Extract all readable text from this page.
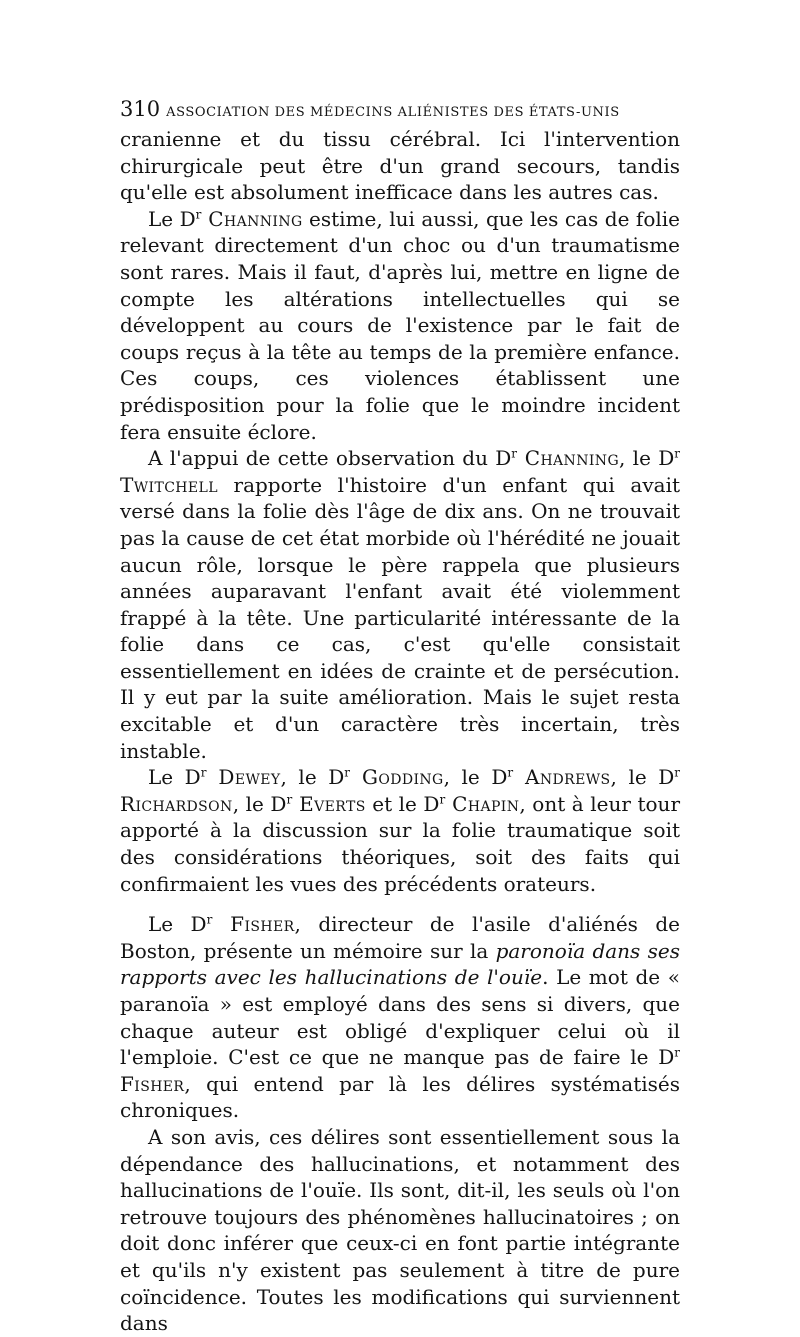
310 ASSOCIATION DES MÉDECINS ALIÉNISTES DES ÉTATS-UNIS

cranienne et du tissu cérébral. Ici l'intervention chirurgicale peut être d'un grand secours, tandis qu'elle est absolument inefficace dans les autres cas.

Le $D^r$ Channing estime, lui aussi, que les cas de folie relevant directement d'un choc ou d'un traumatisme sont rares. Mais il faut, d'après lui, mettre en ligne de compte les altérations intellectuelles qui se développent au cours de l'existence par le fait de coups reçus à la tête au temps de la première enfance. Ces coups, ces violences établissent une prédisposition pour la folie que le moindre incident fera ensuite éclore.

A l'appui de cette observation du $D^r$ Channing, le $D^r$ Twitchell rapporte l'histoire d'un enfant qui avait versé dans la folie dès l'âge de dix ans. On ne trouvait pas la cause de cet état morbide où l'hérédité ne jouait aucun rôle, lorsque le père rappela que plusieurs années auparavant l'enfant avait été violemment frappé à la tête. Une particularité intéressante de la folie dans ce cas, c'est qu'elle consistait essentiellement en idées de crainte et de persécution. Il y eut par la suite amélioration. Mais le sujet resta excitable et d'un caractère très incertain, très instable.

Le $D^r$ Dewey, le $D^r$ Godding, le $D^r$ Andrews, le $D^r$ Richardson, le $D^r$ Everts et le $D^r$ Chapin, ont à leur tour apporté à la discussion sur la folie traumatique soit des considérations théoriques, soit des faits qui confirmaient les vues des précédents orateurs.

Le $D^r$ Fisher, directeur de l'asile d'aliénés de Boston, présente un mémoire sur la paronoïa dans ses rapports avec les hallucinations de l'ouïe. Le mot de « paranoïa » est employé dans des sens si divers, que chaque auteur est obligé d'expliquer celui où il l'emploie. C'est ce que ne manque pas de faire le $D^r$ Fisher, qui entend par là les délires systématisés chroniques.

A son avis, ces délires sont essentiellement sous la dépendance des hallucinations, et notamment des hallucinations de l'ouïe. Ils sont, dit-il, les seuls où l'on retrouve toujours des phénomènes hallucinatoires ; on doit donc inférer que ceux-ci en font partie intégrante et qu'ils n'y existent pas seulement à titre de pure coïncidence. Toutes les modifications qui surviennent dans
